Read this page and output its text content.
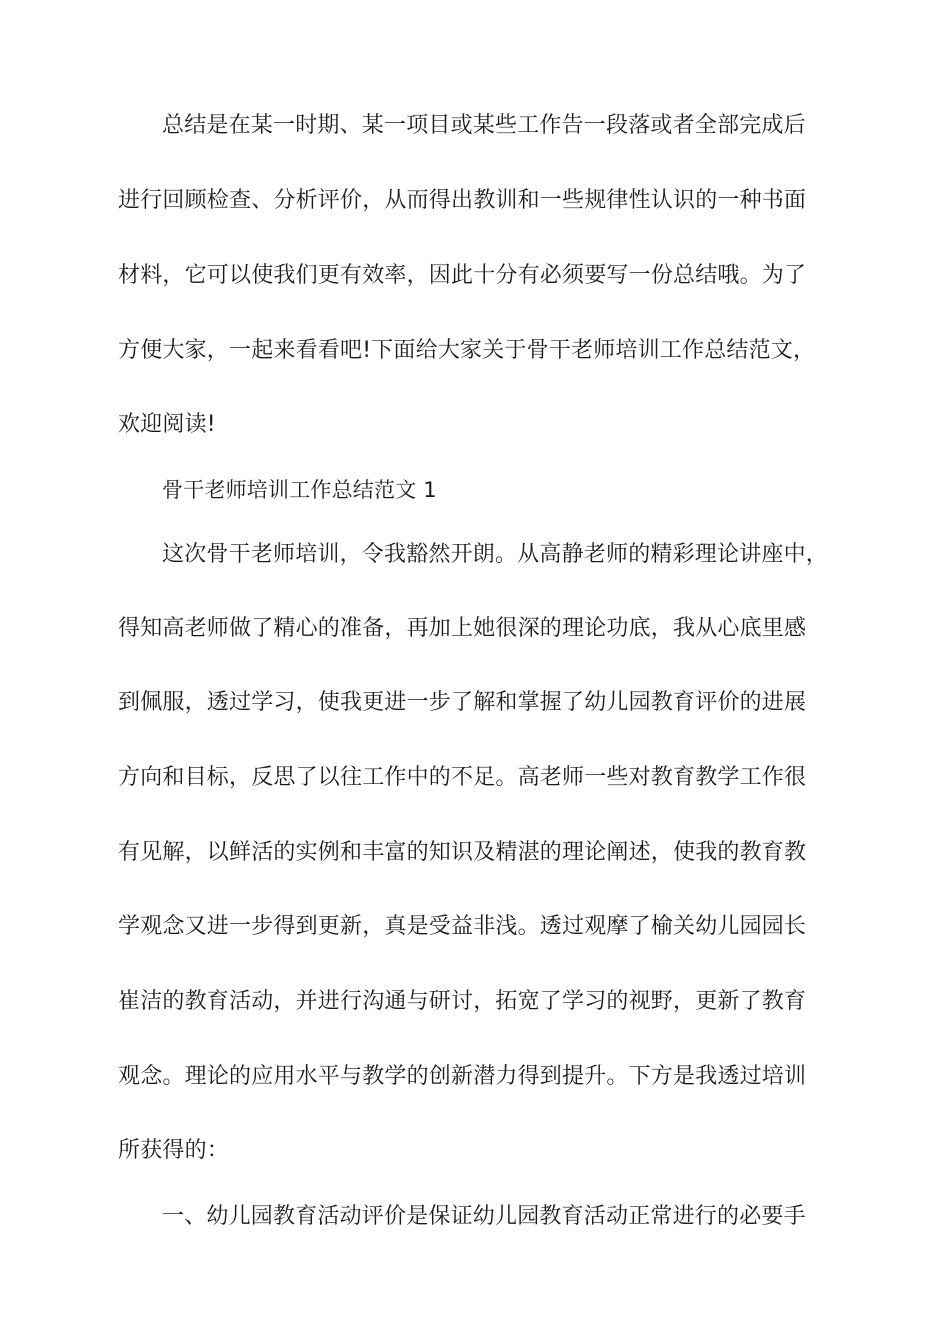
总结是在某一时期、某一项目或某些工作告一段落或者全部完成后
进行回顾检查、分析评价，从而得出教训和一些规律性认识的一种书面
材料，它可以使我们更有效率，因此十分有必须要写一份总结哦。为了
方便大家，一起来看看吧!下面给大家关于骨干老师培训工作总结范文，
欢迎阅读!
骨干老师培训工作总结范文 1
这次骨干老师培训，令我豁然开朗。从高静老师的精彩理论讲座中，
得知高老师做了精心的准备，再加上她很深的理论功底，我从心底里感
到佩服，透过学习，使我更进一步了解和掌握了幼儿园教育评价的进展
方向和目标，反思了以往工作中的不足。高老师一些对教育教学工作很
有见解，以鲜活的实例和丰富的知识及精湛的理论阐述，使我的教育教
学观念又进一步得到更新，真是受益非浅。透过观摩了榆关幼儿园园长
崔洁的教育活动，并进行沟通与研讨，拓宽了学习的视野，更新了教育
观念。理论的应用水平与教学的创新潜力得到提升。下方是我透过培训
所获得的：
一、幼儿园教育活动评价是保证幼儿园教育活动正常进行的必要手
